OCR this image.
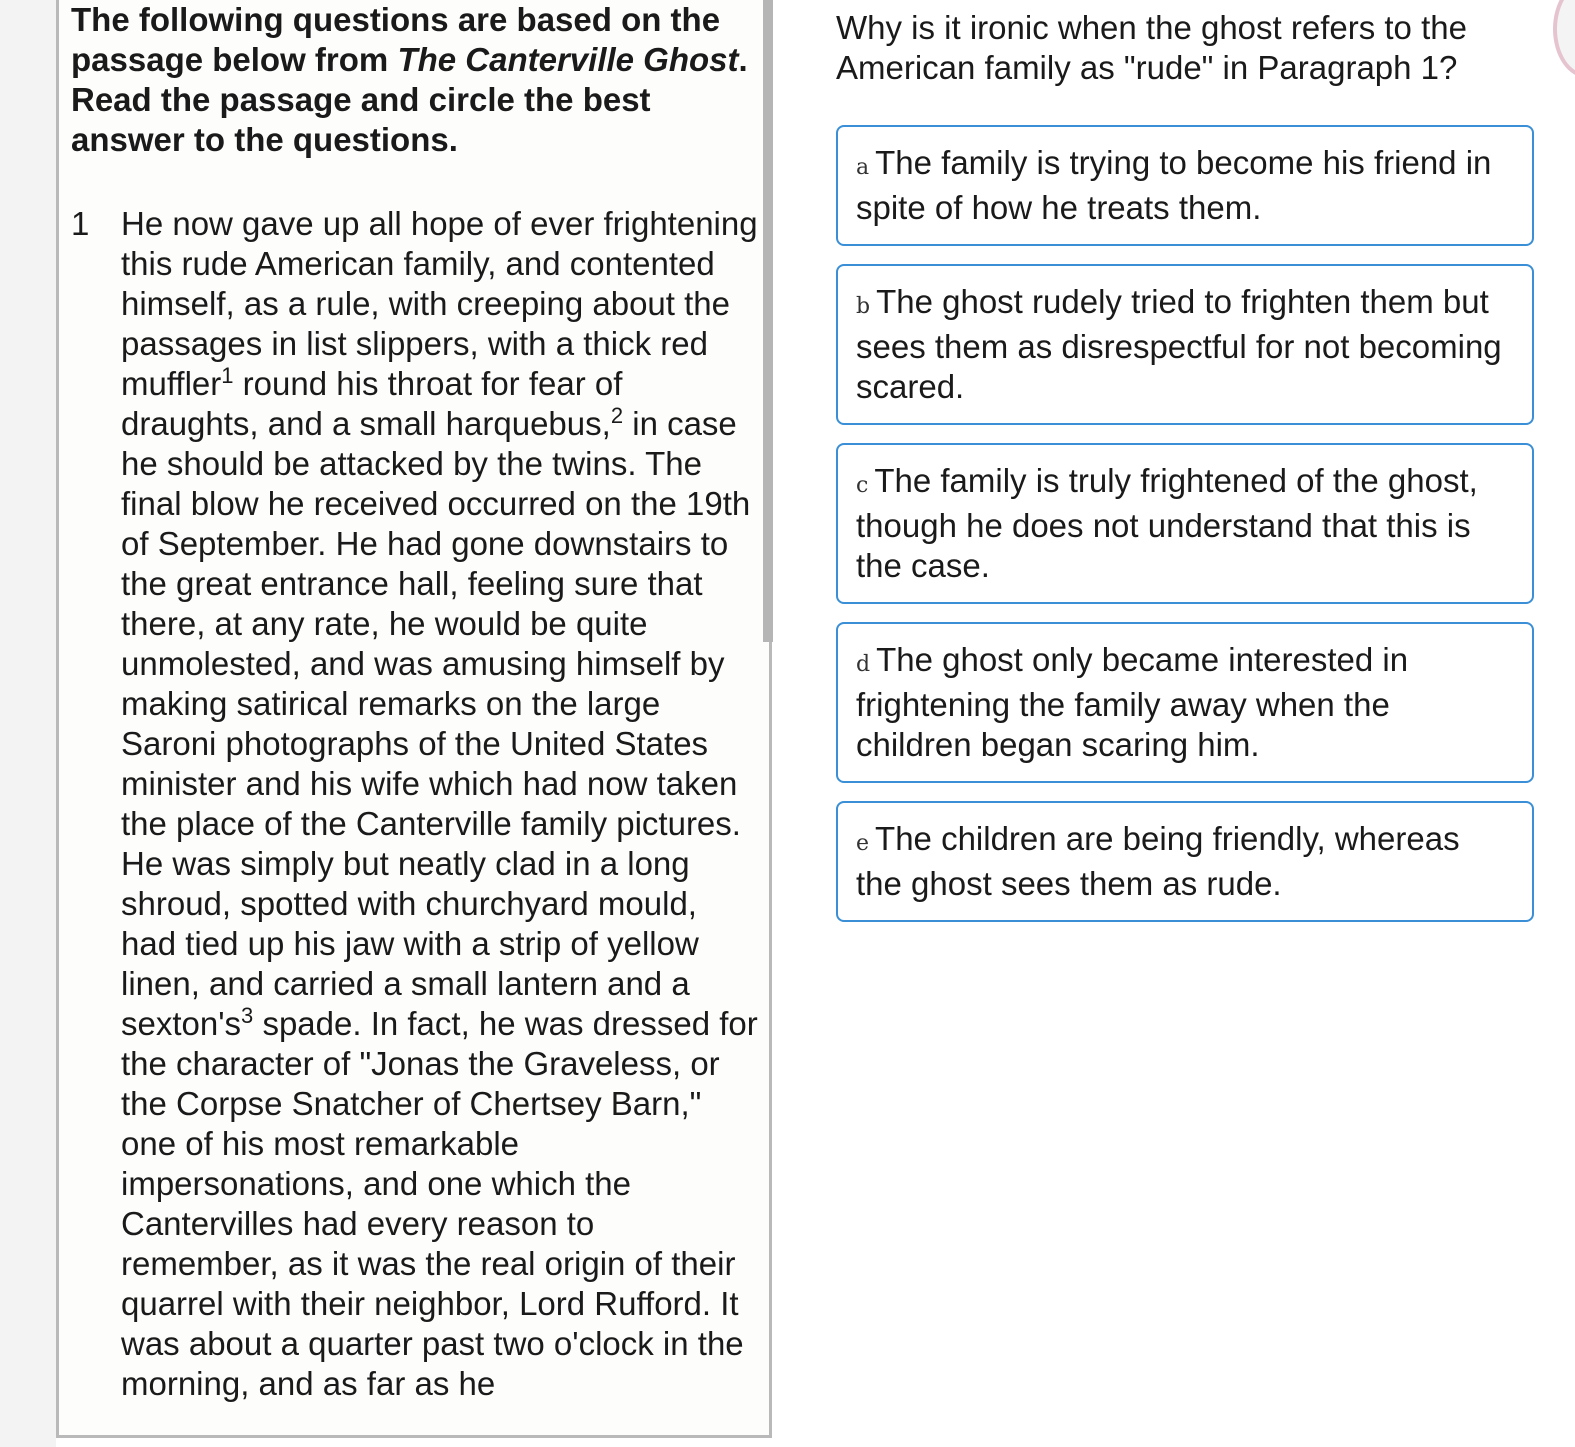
The following questions are based on the passage below from The Canterville Ghost. Read the passage and circle the best answer to the questions.

1 He now gave up all hope of ever frightening this rude American family, and contented himself, as a rule, with creeping about the passages in list slippers, with a thick red muffler$^1$ round his throat for fear of draughts, and a small harquebus,$^2$ in case he should be attacked by the twins. The final blow he received occurred on the 19th of September. He had gone downstairs to the great entrance hall, feeling sure that there, at any rate, he would be quite unmolested, and was amusing himself by making satirical remarks on the large Saroni photographs of the United States minister and his wife which had now taken the place of the Canterville family pictures. He was simply but neatly clad in a long shroud, spotted with churchyard mould, had tied up his jaw with a strip of yellow linen, and carried a small lantern and a $sexton's^3$ spade. In fact, he was dressed for the character of "Jonas the Graveless, or the Corpse Snatcher of Chertsey Barn," one of his most remarkable impersonations, and one which the Cantervilles had every reason to remember, as it was the real origin of their quarrel with their neighbor, Lord Rufford. It was about a quarter past two o'clock in the morning, and as far as he
Why is it ironic when the ghost refers to the American family as "rude" in Paragraph 1?
a The family is trying to become his friend in spite of how he treats them.
b The ghost rudely tried to frighten them but sees them as disrespectful for not becoming scared.
c The family is truly frightened of the ghost, though he does not understand that this is the case.
d The ghost only became interested in frightening the family away when the children began scaring him.
e The children are being friendly, whereas the ghost sees them as rude.
